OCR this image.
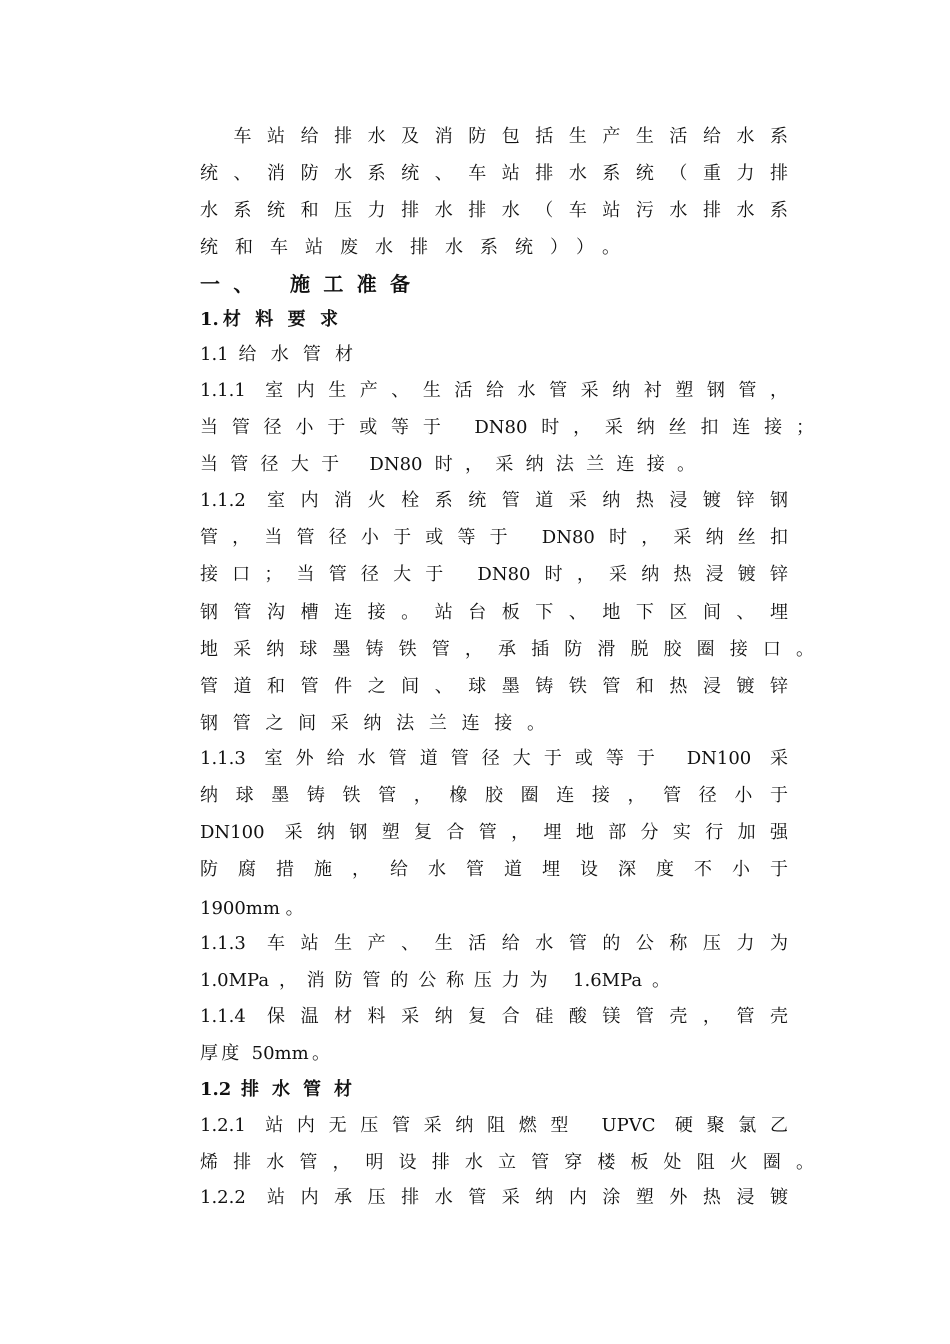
　车站给排水及消防包括生产生活给水系
统、消防水系统、车站排水系统（重力排
水系统和压力排水排水（车站污水排水系
统和车站废水排水系统））。
一、　施工准备
1.材 料 要 求
1.1 给 水 管 材
1.1.1 室内生产、生活给水管采纳衬塑钢管，
当管径小于或等于 DN80时，采纳丝扣连接；
当管径大于 DN80时，采纳法兰连接。
1.1.2 室内消火栓系统管道采纳热浸镀锌钢
管，当管径小于或等于 DN80时，采纳丝扣
接口；当管径大于 DN80时，采纳热浸镀锌
钢管沟槽连接。站台板下、地下区间、埋
地采纳球墨铸铁管，承插防滑脱胶圈接口。
管道和管件之间、球墨铸铁管和热浸镀锌
钢管之间采纳法兰连接。
1.1.3 室外给水管道管径大于或等于 DN100 采
纳球墨铸铁管，橡胶圈连接，管径小于
DN100 采纳钢塑复合管，埋地部分实行加强
防腐措施，给水管道埋设深度不小于
1900mm 。
1.1.3 车站生产、生活给水管的公称压力为
1.0MPa，消防管的公称压力为 1.6MPa。
1.1.4 保温材料采纳复合硅酸镁管壳，管壳
厚度 50mm。
1.2 排 水 管 材
1.2.1 站内无压管采纳阻燃型 UPVC 硬聚氯乙
烯排水管，明设排水立管穿楼板处阻火圈。
1.2.2 站内承压排水管采纳内涂塑外热浸镀
